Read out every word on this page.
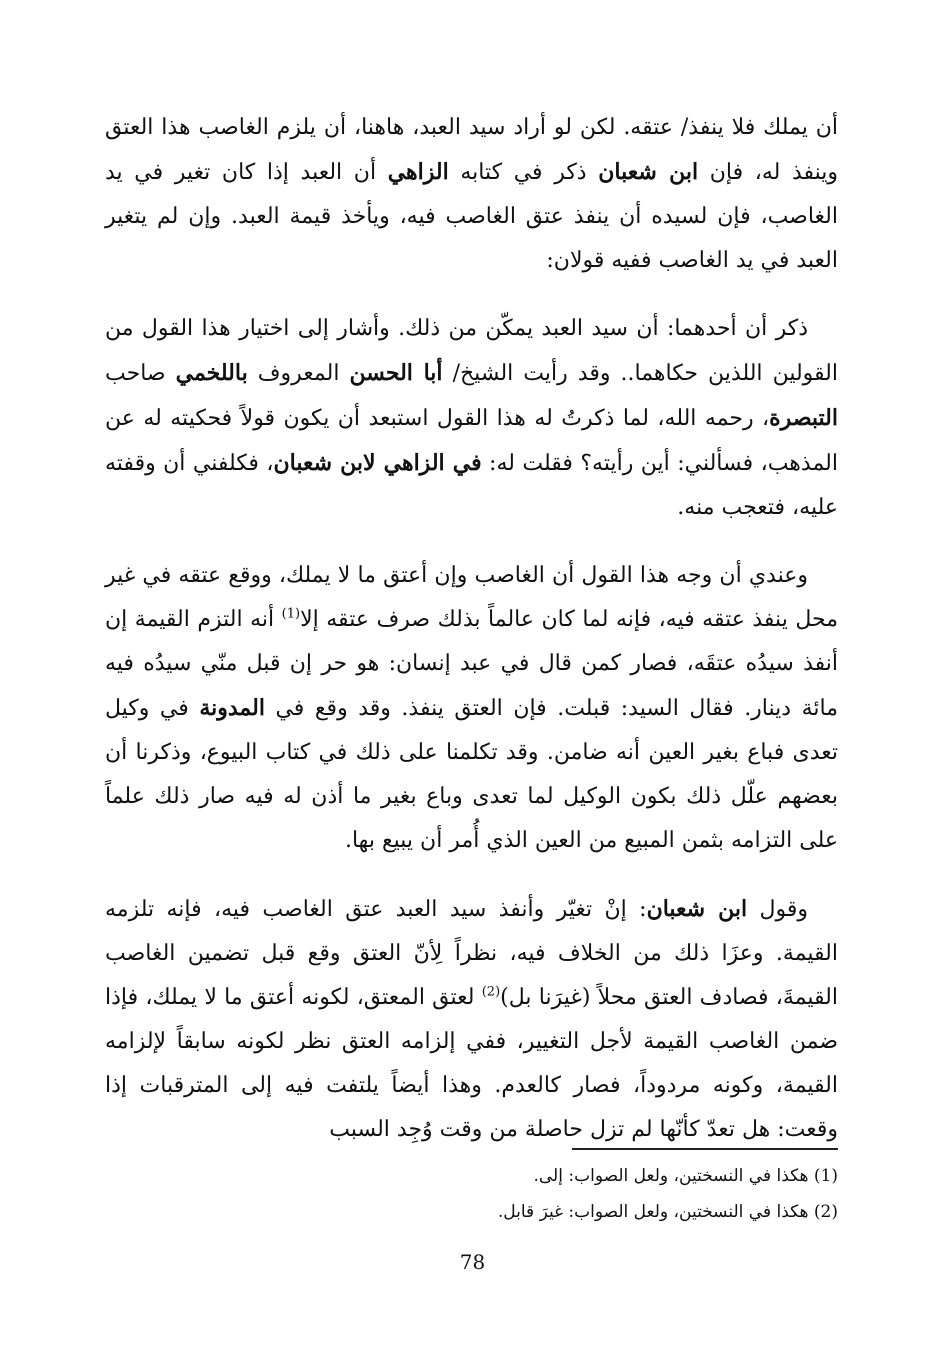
أن يملك فلا ينفذ/ عتقه. لكن لو أراد سيد العبد، هاهنا، أن يلزم الغاصب هذا العتق وينفذ له، فإن ابن شعبان ذكر في كتابه الزاهي أن العبد إذا كان تغير في يد الغاصب، فإن لسيده أن ينفذ عتق الغاصب فيه، ويأخذ قيمة العبد. وإن لم يتغير العبد في يد الغاصب ففيه قولان:

ذكر أن أحدهما: أن سيد العبد يمكّن من ذلك. وأشار إلى اختيار هذا القول من القولين اللذين حكاهما.. وقد رأيت الشيخ/ أبا الحسن المعروف باللخمي صاحب التبصرة، رحمه الله، لما ذكرتُ له هذا القول استبعد أن يكون قولاً فحكيته له عن المذهب، فسألني: أين رأيته؟ فقلت له: في الزاهي لابن شعبان، فكلفني أن وقفته عليه، فتعجب منه.

وعندي أن وجه هذا القول أن الغاصب وإن أعتق ما لا يملك، ووقع عتقه في غير محل ينفذ عتقه فيه، فإنه لما كان عالماً بذلك صرف عتقه إلا$^{(1)}$ أنه التزم القيمة إن أنفذ سيدُه عتقَه، فصار كمن قال في عبد إنسان: هو حر إن قبل منّي سيدُه فيه مائة دينار. فقال السيد: قبلت. فإن العتق ينفذ. وقد وقع في المدونة في وكيل تعدى فباع بغير العين أنه ضامن. وقد تكلمنا على ذلك في كتاب البيوع، وذكرنا أن بعضهم علّل ذلك بكون الوكيل لما تعدى وباع بغير ما أذن له فيه صار ذلك علماً على التزامه بثمن المبيع من العين الذي أُمر أن يبيع بها.

وقول ابن شعبان: إنْ تغيّر وأنفذ سيد العبد عتق الغاصب فيه، فإنه تلزمه القيمة. وعزَا ذلك من الخلاف فيه، نظراً لِأنّ العتق وقع قبل تضمين الغاصب القيمةَ، فصادف العتق محلاً (غيرَنا بل)$^{(2)}$ لعتق المعتق، لكونه أعتق ما لا يملك، فإذا ضمن الغاصب القيمة لأجل التغيير، ففي إلزامه العتق نظر لكونه سابقاً لإلزامه القيمة، وكونه مردوداً، فصار كالعدم. وهذا أيضاً يلتفت فيه إلى المترقبات إذا وقعت: هل تعدّ كأنّها لم تزل حاصلة من وقت وُجِد السبب

(1) هكذا في النسختين، ولعل الصواب: إلى.

(2) هكذا في النسختين، ولعل الصواب: غيرَ قابل.

78
